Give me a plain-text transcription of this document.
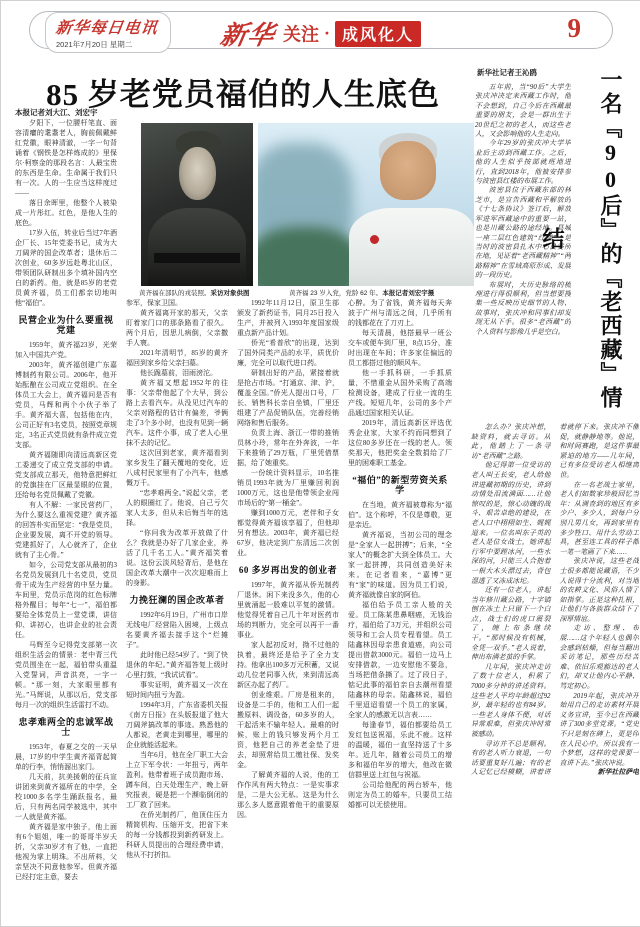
新华每日电讯
2021年7月20日 星期二	新华 关注 · 成风化人	9
85 岁老党员福伯的人生底色
本报记者刘大江、刘宏宇
黄齐福在部队的戎装照。采访对象供图	黄齐福 23 岁入党，党龄 62 年。本报记者刘宏宇摄

夕阳下，一位腰杆笔直、面容清癯的耄耋老人，胸前佩戴鲜红党徽，眼神清澈，一字一句背诵着《钢铁是怎样炼成的》里保尔·柯察金的那段名言：人最宝贵的东西是生命。生命属于我们只有一次。人的一生应当这样度过——

落日余晖里，他整个人被染成一片彤红。红色，是他人生的底色。

17岁入伍，转业后当过7年酒企厂长、15年党委书记，成为大刀阔斧的国企改革者；退休后二次创业，60多岁远赴粤北山区，带领团队研制出多个填补国内空白的新药。他，就是85岁的老党员黄齐福，员工们都亲切地叫他“福伯”。

民营企业为什么要重视党建

1959年，黄齐福23岁，光荣加入中国共产党。

2003年，黄齐福创建广东嘉博制药有限公司。2006年，他开始酝酿在公司成立党组织。在全体员工大会上，黄齐福问是否有党员，马辉和两个小伙子举了手。黄齐福大喜，包括他在内，公司正好有3名党员，按照党章规定，3名正式党员就有条件成立党支部。

黄齐福随即向清远高新区党工委递交了成立党支部的申请。党支部成立那天，他特意把鲜红的党旗挂在厂区最显眼的位置，还给每名党员佩戴了党徽。

有人不解：一家民营药厂，为什么要这么重视党建？黄齐福的回答朴实而坚定：“我是党员，企业要发展，离不开党的领导。党建抓好了，人心就齐了，企业就有了主心骨。”

如今，公司党支部从最初的3名党员发展到几十名党员，党员骨干成为生产经营的中坚力量。车间里，党员示范岗的红色标牌格外醒目；每年“七一”，福伯都要给全体党员上一堂党课，讲信仰、讲初心，也讲企业的社会责任。

马辉至今记得党支部第一次组织生活会的情景：老中青三代党员围坐在一起，福伯带头重温入党誓词，声音洪亮，一字一顿。“那一刻，大家眼里都有光。”马辉说，从那以后，党支部每月一次的组织生活雷打不动。

忠孝难两全的忠诚军战士

1953年，春夏之交的一天早晨，17岁的中学生黄齐福背起简单的行李，悄悄溜出家门。

几天前，抗美援朝的征兵宣讲团来到黄齐福所在的中学，全校1000多名学生踊跃报名，最后，只有两名同学被选中，其中一人就是黄齐福。

黄齐福是家中独子，他上面有6个姐姐，唯一的哥哥半岁夭折，父亲30岁才有了他，一直把他视为掌上明珠。不出所料，父亲坚决不同意他参军。但黄齐福已经打定主意，要去

参军，保家卫国。

黄齐福离开家的那天，父亲盯着家门口的那条路看了很久。两个月后，因思儿病倒，父亲撒手人寰。

2021年清明节，85岁的黄齐福回到家乡给父亲扫墓。

他长跪墓前，泪雨滂沱。

黄齐福又想起1952年的往事：父亲带他起了个大早，到公路上去看汽车。从没见过汽车的父亲对路程的估计有偏差，爷俩走了3个多小时，也没有见到一辆汽车。这件小事，成了老人心里抹不去的记忆。

这次回到老家，黄齐福看到家乡发生了翻天覆地的变化，近八成村民家里有了小汽车，他感慨万千。

“忠孝难两全。”说起父亲，老人的眼圈红了。他说，自己亏欠家人太多，但从未后悔当年的选择。

“你问我为改革开放做了什么？我就是办好了几家企业，养活了几千名工人。”黄齐福笑着说。这份云淡风轻背后，是他在国企改革大潮中一次次迎难而上的身影。

力挽狂澜的国企改革者

1992年6月19日，广州市口岸无线电厂经营陷入困境，上级点名要黄齐福去接手这个“烂摊子”。

此时他已经54岁了。“到了快退休的年纪。”黄齐福答复上级时心里打鼓，“我试试看”。

事实证明，黄齐福又一次在短时间内扭亏为盈。

1994年3月，广东省委机关报《南方日报》在头版报道了他大刀阔斧搞改革的事迹。熟悉他的人都说，老黄走到哪里，哪里的企业就能活起来。

当年6月，他在全厂职工大会上立下军令状：一年扭亏，两年盈利。他带着班子成员跑市场、蹲车间，白天处理生产，晚上研究报表，硬是把一个濒临倒闭的工厂救了回来。

在侨光制药厂，他顶住压力精简机构、压缩开支，把省下来的每一分钱都投到新药研发上。科研人员提出的合理经费申请，他从不打折扣。

1992年11月12日，原卫生部颁发了新药证书，同月25日投入生产，并被列入1993年度国家级重点新产品计划。

侨光“希普欣”的出现，达到了国外同类产品的水平，质优价廉，完全可以取代进口药。

研制出好的产品，紧接着就是抢占市场。“打通京、津、沪，覆盖全国。”侨光人提出口号，厂长、销售科长亲自坐镇，厂里还组建了产品促销队伍，完善经销网络和售后服务。

负责上海、浙江一带的推销员林小玲，常年在外奔波，一年下来推销了29万瓶，厂里凭借票据，给了她重奖。

一份统计资料显示，10名推销员1993年就为厂里赚回利润1000万元，这也是他带领企业闯市场后的“第一桶金”。

赚到1000万元，老伴和子女都觉得黄齐福该享福了，但他却另有想法。2003年，黄齐福已经67岁，他决定到广东清远二次创业。

60 多岁再出发的创业者

1997年，黄齐福从侨光制药厂退休。闲下来没多久，他的心里就涌起一股难以平复的激情。他觉得凭着自己几十年对医药市场的判断力，完全可以再干一番事业。

家人起初反对，拗不过他的执着，最终还是给予了全力支持。他拿出100多万元积蓄，又说动几位老同事入伙，来到清远高新区办起了药厂。

创业维艰。厂房是租来的，设备是二手的，他和工人们一起搬原料、调设备，60多岁的人，干起活来不输年轻人。最难的时候，账上的钱只够发两个月工资，他把自己的养老金垫了进去，却照常给员工缴社保、发奖金。

了解黄齐福的人说，他的工作作风有两大特点：一是实事求是，二是大公无私。这是为什么那么多人愿意跟着他干的重要原因。

心醉。为了省钱，黄齐福每天奔波于广州与清远之间，几乎所有的钱都花在了刀刃上。

每天清晨，他搭最早一班公交车或便车到厂里，8点15分，准时出现在车间；许多家住偏远的员工都搭过他的顺风车。

他一手抓科研，一手抓质量，不惜重金从国外采购了高端检测设备，建成了行业一流的生产线。短短几年，公司的多个产品通过国家相关认证。

2019年，清远高新区评选优秀企业家，大家不约而同想到了这位80多岁还在一线的老人。领奖那天，他把奖金全数捐给了厂里的困难职工基金。

“福伯”的新型劳资关系学

在当地，黄齐福被尊称为“福伯”。这个称呼，不仅是尊敬，更是亲近。

黄齐福说，当初公司的理念是“全家人一起拼搏”；后来，“全家人”的概念扩大到全体员工。大家一起拼搏，共同创造美好未来。在记者看来，“嘉博”更有“家”的味道。因为员工们说，黄齐福就像自家的阿伯。

福伯给予员工亲人般的关爱。员工陈某患鼻咽癌，无钱治疗，福伯给了3万元，并组织公司领导和工会人员专程看望。员工陆鑫林因母亲患食道癌，向公司提出借款3000元。福伯一边马上安排借款，一边安慰他不要急，当场把借条撕了。过了段日子，惦记此事的福伯亲自去潮州看望陆鑫林的母亲。陆鑫林说，福伯千里迢迢看望一个员工的家属，全家人的感激无以言表……

每逢春节，福伯都要给员工发红包送祝福，乐此不疲。这样的温暖，福伯一直坚持送了十多年。近几年，随着公司员工的增多和福伯年岁的增大，他改在微信群里送上红包与祝福。

公司给他配的两台轿车，他则定为员工的婚车，只要员工结婚都可以无偿使用。

新华社记者王沁鸥

五年前，当“90后”大学生张庆冲决定来西藏工作时，他不会想到，自己今后在西藏最重要的朋友，会是一群出生于20世纪之初的老人，而这些老人，又会影响他的人生走向。

今年29岁的张庆冲大学毕业后主动到西藏工作。之后，他的人生似乎按部就班地进行，直到2018年，他被安排参与波密县红楼的布展工作。

波密县位于西藏东部的林芝市，是宣告西藏和平解放的《十七条协议》签订后，解放军进军西藏途中的重要一站，也是川藏公路的途经地。县城一座二层红色建筑“红楼”，是当时的波密县扎木中心县委所在地，见证着“老西藏精神”“两路精神”在雪域高原形成、发展的一段历史。

布展时，大历史脉络的梳理进行得很顺利，但当想要搜集一些反映历史细节的人物、故事时，张庆冲和同事们却发现无从下手。很多“老西藏”的个人资料与影像几乎是空白。	一名『90后』的『老西藏』情结

怎么办？张庆冲想，缺资料，就去寻访。从此，他踏上了一条寻访“老西藏”之路。

他记得第一位受访的老人叫王长安，老人给他讲进藏初期的历史，讲到动情处泪流满面……让他惊叹的是，惊心动魄的战斗、艰苦卓绝的建设，在老人口中栩栩如生、娓娓道来。一位名叫东子英的老人是位女战士，她讲起行军中要蹚冰河，一些水深的河，只能三人合抱着一根大木头漂过去，背包湿透了又冻成冰坨。

还有一位老人，讲起当年修川藏公路，十字镐刨在冻土上只留下一个白点，战士们的虎口震裂了，缠上布条继续干。“那时候没有机械，全凭一双手。”老人说着，伸出布满老茧的手掌。

几年间，张庆冲走访了数十位老人，积累了7000多分钟的讲述资料。这些老人平均年龄超过92岁，最年轻的也有84岁。一些老人身体不便，对话异常艰难，但张庆冲时常被感动。

寻访并不总是顺利。有的老人听力衰退，一句话要重复好几遍；有的老人记忆已经模糊，讲着讲着就停下来。张庆冲不催促，就静静地等。他说，和时间赛跑，是这件事最紧迫的地方——几年间，已有多位受访老人相继离世。

在一名老战士家里，老人们如数家珍般回忆当年：从调查到的地区有多少户、多少人，到每户分别几男几女，再到家里有多少牲口、用什么劳动工具，甚至连工具的样子都一笔一笔画了下来……

张庆冲说，这些老战士很多都能说藏语，不少人说得十分流利，对当地的农耕文化、风俗人情了如指掌。正是这种扎根，让他们与各族群众结下了深厚情谊。

走访、整理、布展……这个年轻人也偶尔会感到枯燥，但每当翻出采访笔记，那些历经苦难、依旧乐观豁达的老人们，却又让他内心平静、笃定初心。

2019年起，张庆冲开始用自己的走访素材开展义务宣讲，至今已在西藏讲了300多堂党课。“党史不只是刻在碑上，更是印在人民心中。所以我有一个梦想，这样的党课要一直讲下去。”张庆冲说。

新华社拉萨电
